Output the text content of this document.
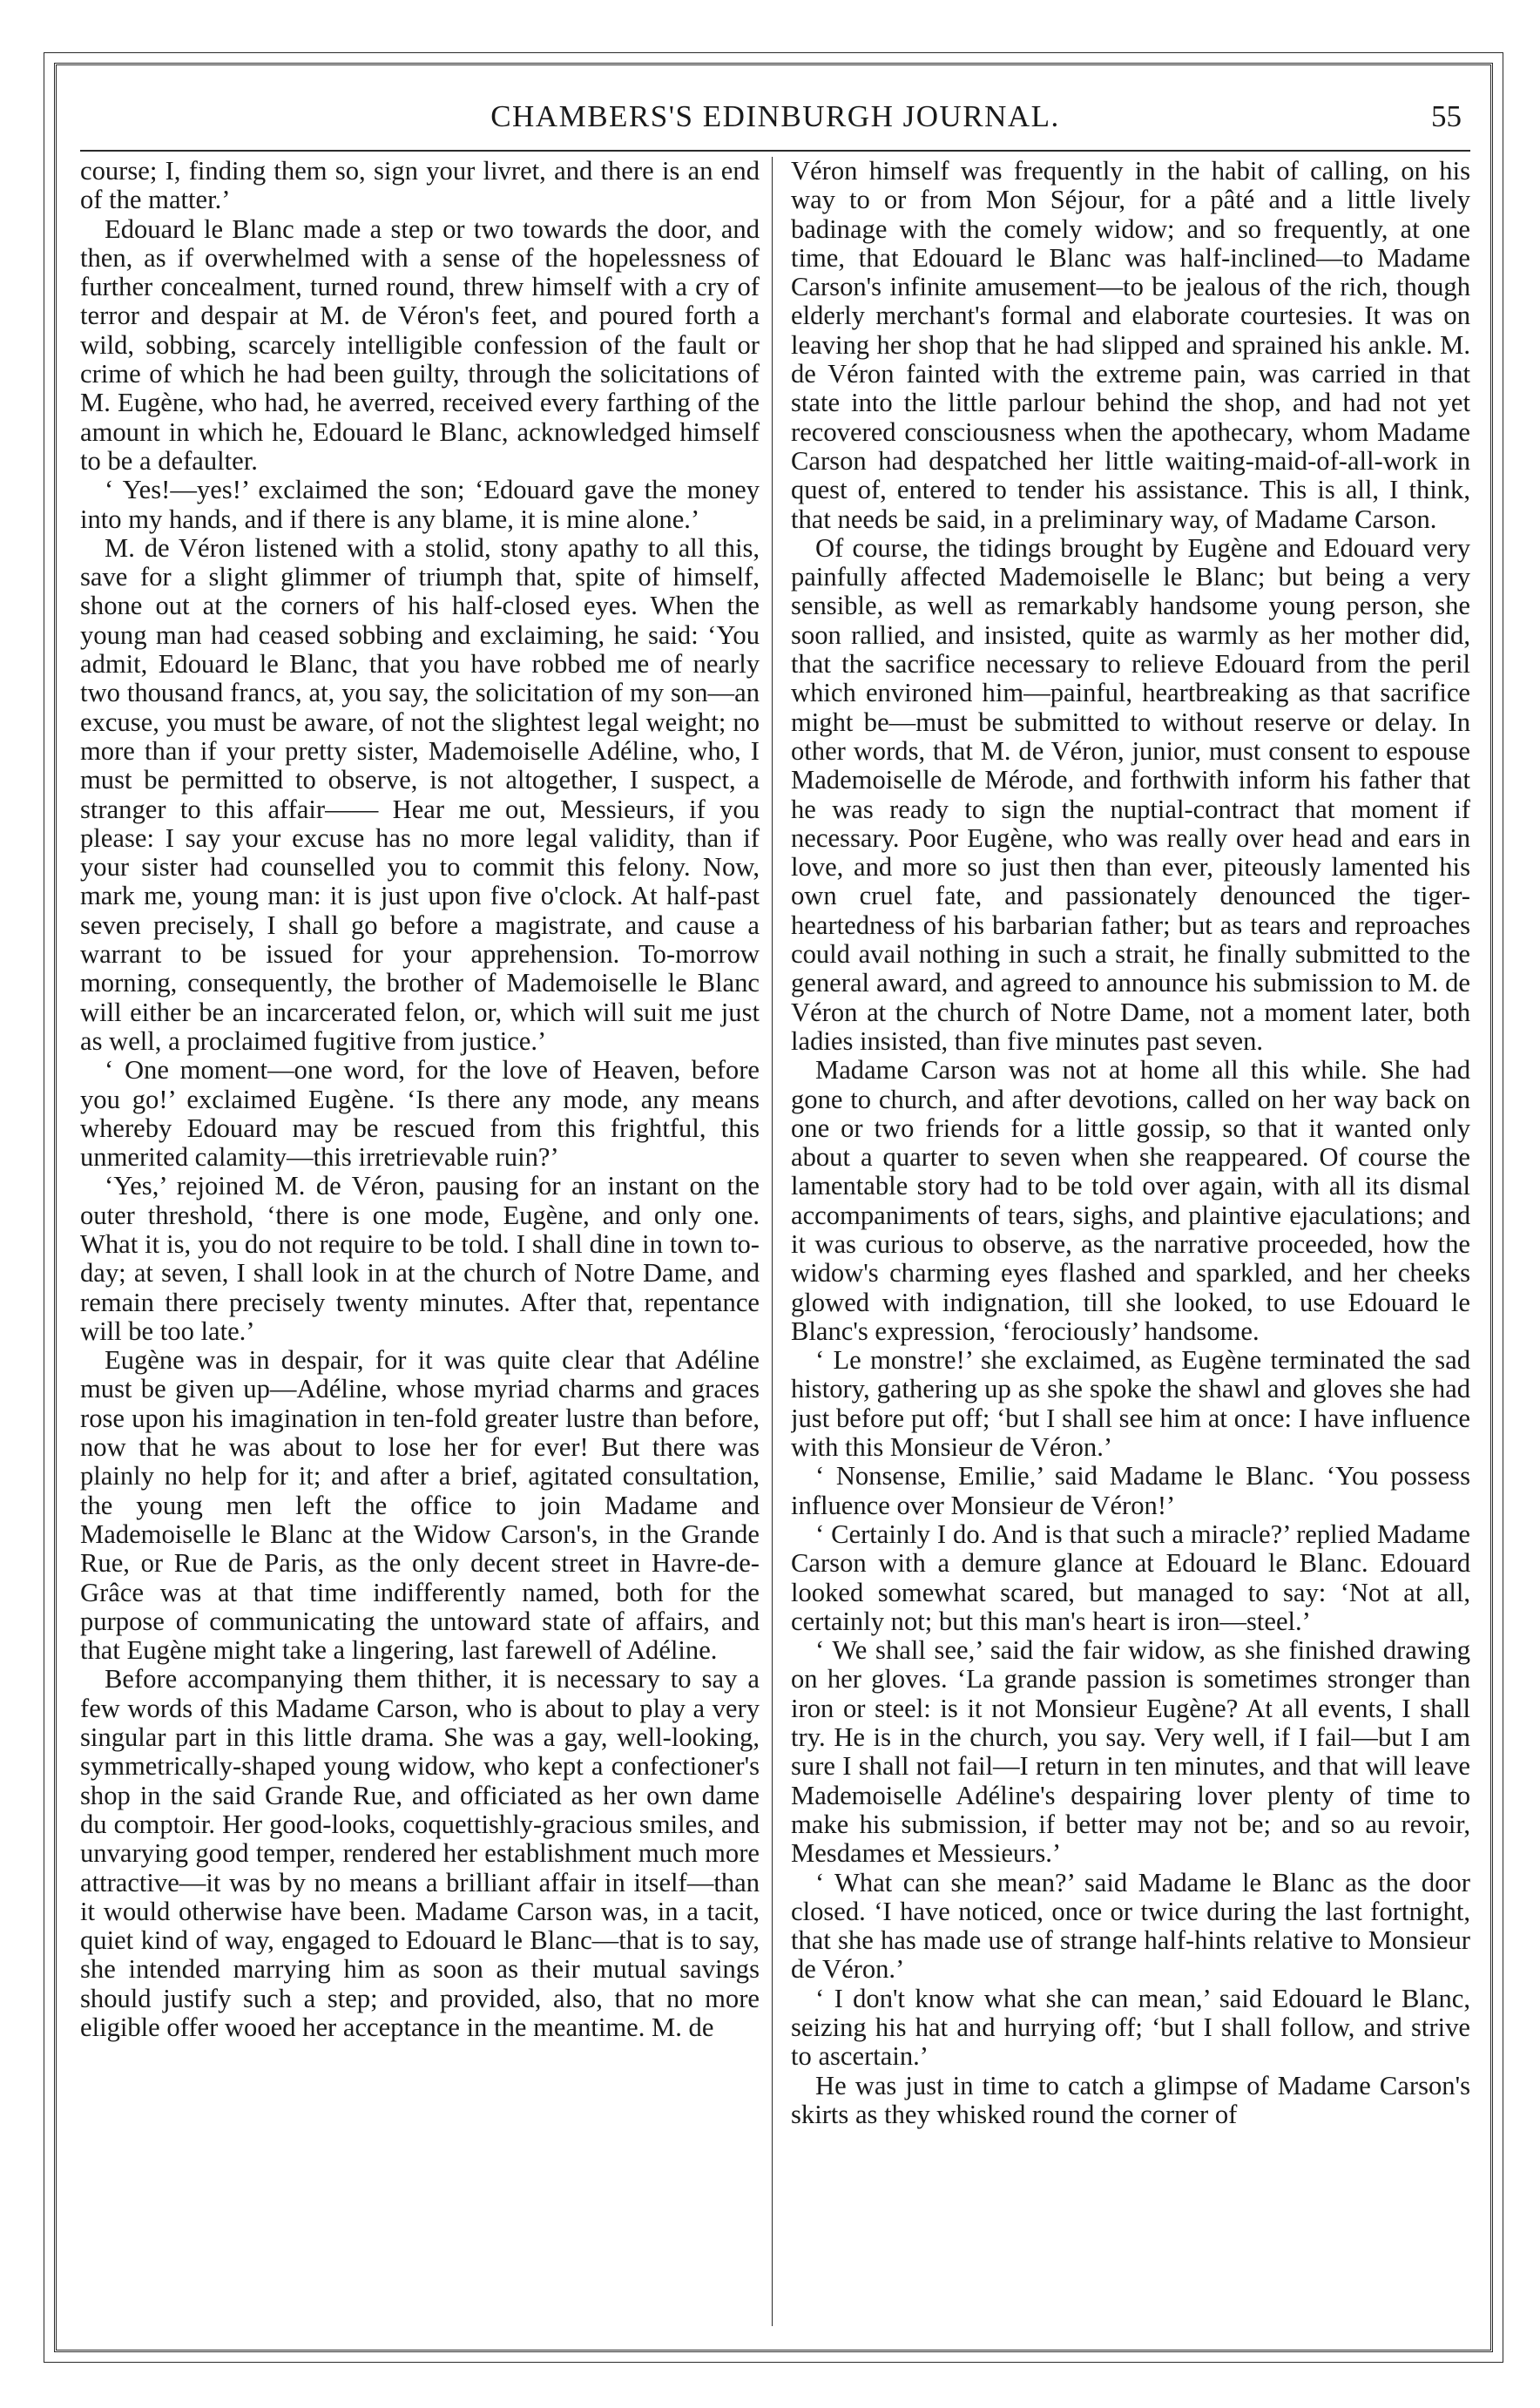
CHAMBERS'S EDINBURGH JOURNAL.	55

course; I, finding them so, sign your livret, and there is an end of the matter.’

Edouard le Blanc made a step or two towards the door, and then, as if overwhelmed with a sense of the hopelessness of further concealment, turned round, threw himself with a cry of terror and despair at M. de Véron's feet, and poured forth a wild, sobbing, scarcely intelligible confession of the fault or crime of which he had been guilty, through the solicitations of M. Eugène, who had, he averred, received every farthing of the amount in which he, Edouard le Blanc, acknowledged himself to be a defaulter.

‘ Yes!—yes!’ exclaimed the son; ‘Edouard gave the money into my hands, and if there is any blame, it is mine alone.’

M. de Véron listened with a stolid, stony apathy to all this, save for a slight glimmer of triumph that, spite of himself, shone out at the corners of his half-closed eyes. When the young man had ceased sobbing and exclaiming, he said: ‘You admit, Edouard le Blanc, that you have robbed me of nearly two thousand francs, at, you say, the solicitation of my son—an excuse, you must be aware, of not the slightest legal weight; no more than if your pretty sister, Mademoiselle Adéline, who, I must be permitted to observe, is not altogether, I suspect, a stranger to this affair—— Hear me out, Messieurs, if you please: I say your excuse has no more legal validity, than if your sister had counselled you to commit this felony. Now, mark me, young man: it is just upon five o'clock. At half-past seven precisely, I shall go before a magistrate, and cause a warrant to be issued for your apprehension. To-morrow morning, consequently, the brother of Mademoiselle le Blanc will either be an incarcerated felon, or, which will suit me just as well, a proclaimed fugitive from justice.’

‘ One moment—one word, for the love of Heaven, before you go!’ exclaimed Eugène. ‘Is there any mode, any means whereby Edouard may be rescued from this frightful, this unmerited calamity—this irretrievable ruin?’

‘Yes,’ rejoined M. de Véron, pausing for an instant on the outer threshold, ‘there is one mode, Eugène, and only one. What it is, you do not require to be told. I shall dine in town to-day; at seven, I shall look in at the church of Notre Dame, and remain there precisely twenty minutes. After that, repentance will be too late.’

Eugène was in despair, for it was quite clear that Adéline must be given up—Adéline, whose myriad charms and graces rose upon his imagination in ten-fold greater lustre than before, now that he was about to lose her for ever! But there was plainly no help for it; and after a brief, agitated consultation, the young men left the office to join Madame and Mademoiselle le Blanc at the Widow Carson's, in the Grande Rue, or Rue de Paris, as the only decent street in Havre-de-Grâce was at that time indifferently named, both for the purpose of communicating the untoward state of affairs, and that Eugène might take a lingering, last farewell of Adéline.

Before accompanying them thither, it is necessary to say a few words of this Madame Carson, who is about to play a very singular part in this little drama. She was a gay, well-looking, symmetrically-shaped young widow, who kept a confectioner's shop in the said Grande Rue, and officiated as her own dame du comptoir. Her good-looks, coquettishly-gracious smiles, and unvarying good temper, rendered her establishment much more attractive—it was by no means a brilliant affair in itself—than it would otherwise have been. Madame Carson was, in a tacit, quiet kind of way, engaged to Edouard le Blanc—that is to say, she intended marrying him as soon as their mutual savings should justify such a step; and provided, also, that no more eligible offer wooed her acceptance in the meantime. M. de

Véron himself was frequently in the habit of calling, on his way to or from Mon Séjour, for a pâté and a little lively badinage with the comely widow; and so frequently, at one time, that Edouard le Blanc was half-inclined—to Madame Carson's infinite amusement—to be jealous of the rich, though elderly merchant's formal and elaborate courtesies. It was on leaving her shop that he had slipped and sprained his ankle. M. de Véron fainted with the extreme pain, was carried in that state into the little parlour behind the shop, and had not yet recovered consciousness when the apothecary, whom Madame Carson had despatched her little waiting-maid-of-all-work in quest of, entered to tender his assistance. This is all, I think, that needs be said, in a preliminary way, of Madame Carson.

Of course, the tidings brought by Eugène and Edouard very painfully affected Mademoiselle le Blanc; but being a very sensible, as well as remarkably handsome young person, she soon rallied, and insisted, quite as warmly as her mother did, that the sacrifice necessary to relieve Edouard from the peril which environed him—painful, heartbreaking as that sacrifice might be—must be submitted to without reserve or delay. In other words, that M. de Véron, junior, must consent to espouse Mademoiselle de Mérode, and forthwith inform his father that he was ready to sign the nuptial-contract that moment if necessary. Poor Eugène, who was really over head and ears in love, and more so just then than ever, piteously lamented his own cruel fate, and passionately denounced the tiger-heartedness of his barbarian father; but as tears and reproaches could avail nothing in such a strait, he finally submitted to the general award, and agreed to announce his submission to M. de Véron at the church of Notre Dame, not a moment later, both ladies insisted, than five minutes past seven.

Madame Carson was not at home all this while. She had gone to church, and after devotions, called on her way back on one or two friends for a little gossip, so that it wanted only about a quarter to seven when she reappeared. Of course the lamentable story had to be told over again, with all its dismal accompaniments of tears, sighs, and plaintive ejaculations; and it was curious to observe, as the narrative proceeded, how the widow's charming eyes flashed and sparkled, and her cheeks glowed with indignation, till she looked, to use Edouard le Blanc's expression, ‘ferociously’ handsome.

‘ Le monstre!’ she exclaimed, as Eugène terminated the sad history, gathering up as she spoke the shawl and gloves she had just before put off; ‘but I shall see him at once: I have influence with this Monsieur de Véron.’

‘ Nonsense, Emilie,’ said Madame le Blanc. ‘You possess influence over Monsieur de Véron!’

‘ Certainly I do. And is that such a miracle?’ replied Madame Carson with a demure glance at Edouard le Blanc. Edouard looked somewhat scared, but managed to say: ‘Not at all, certainly not; but this man's heart is iron—steel.’

‘ We shall see,’ said the fair widow, as she finished drawing on her gloves. ‘La grande passion is sometimes stronger than iron or steel: is it not Monsieur Eugène? At all events, I shall try. He is in the church, you say. Very well, if I fail—but I am sure I shall not fail—I return in ten minutes, and that will leave Mademoiselle Adéline's despairing lover plenty of time to make his submission, if better may not be; and so au revoir, Mesdames et Messieurs.’

‘ What can she mean?’ said Madame le Blanc as the door closed. ‘I have noticed, once or twice during the last fortnight, that she has made use of strange half-hints relative to Monsieur de Véron.’

‘ I don't know what she can mean,’ said Edouard le Blanc, seizing his hat and hurrying off; ‘but I shall follow, and strive to ascertain.’

He was just in time to catch a glimpse of Madame Carson's skirts as they whisked round the corner of
